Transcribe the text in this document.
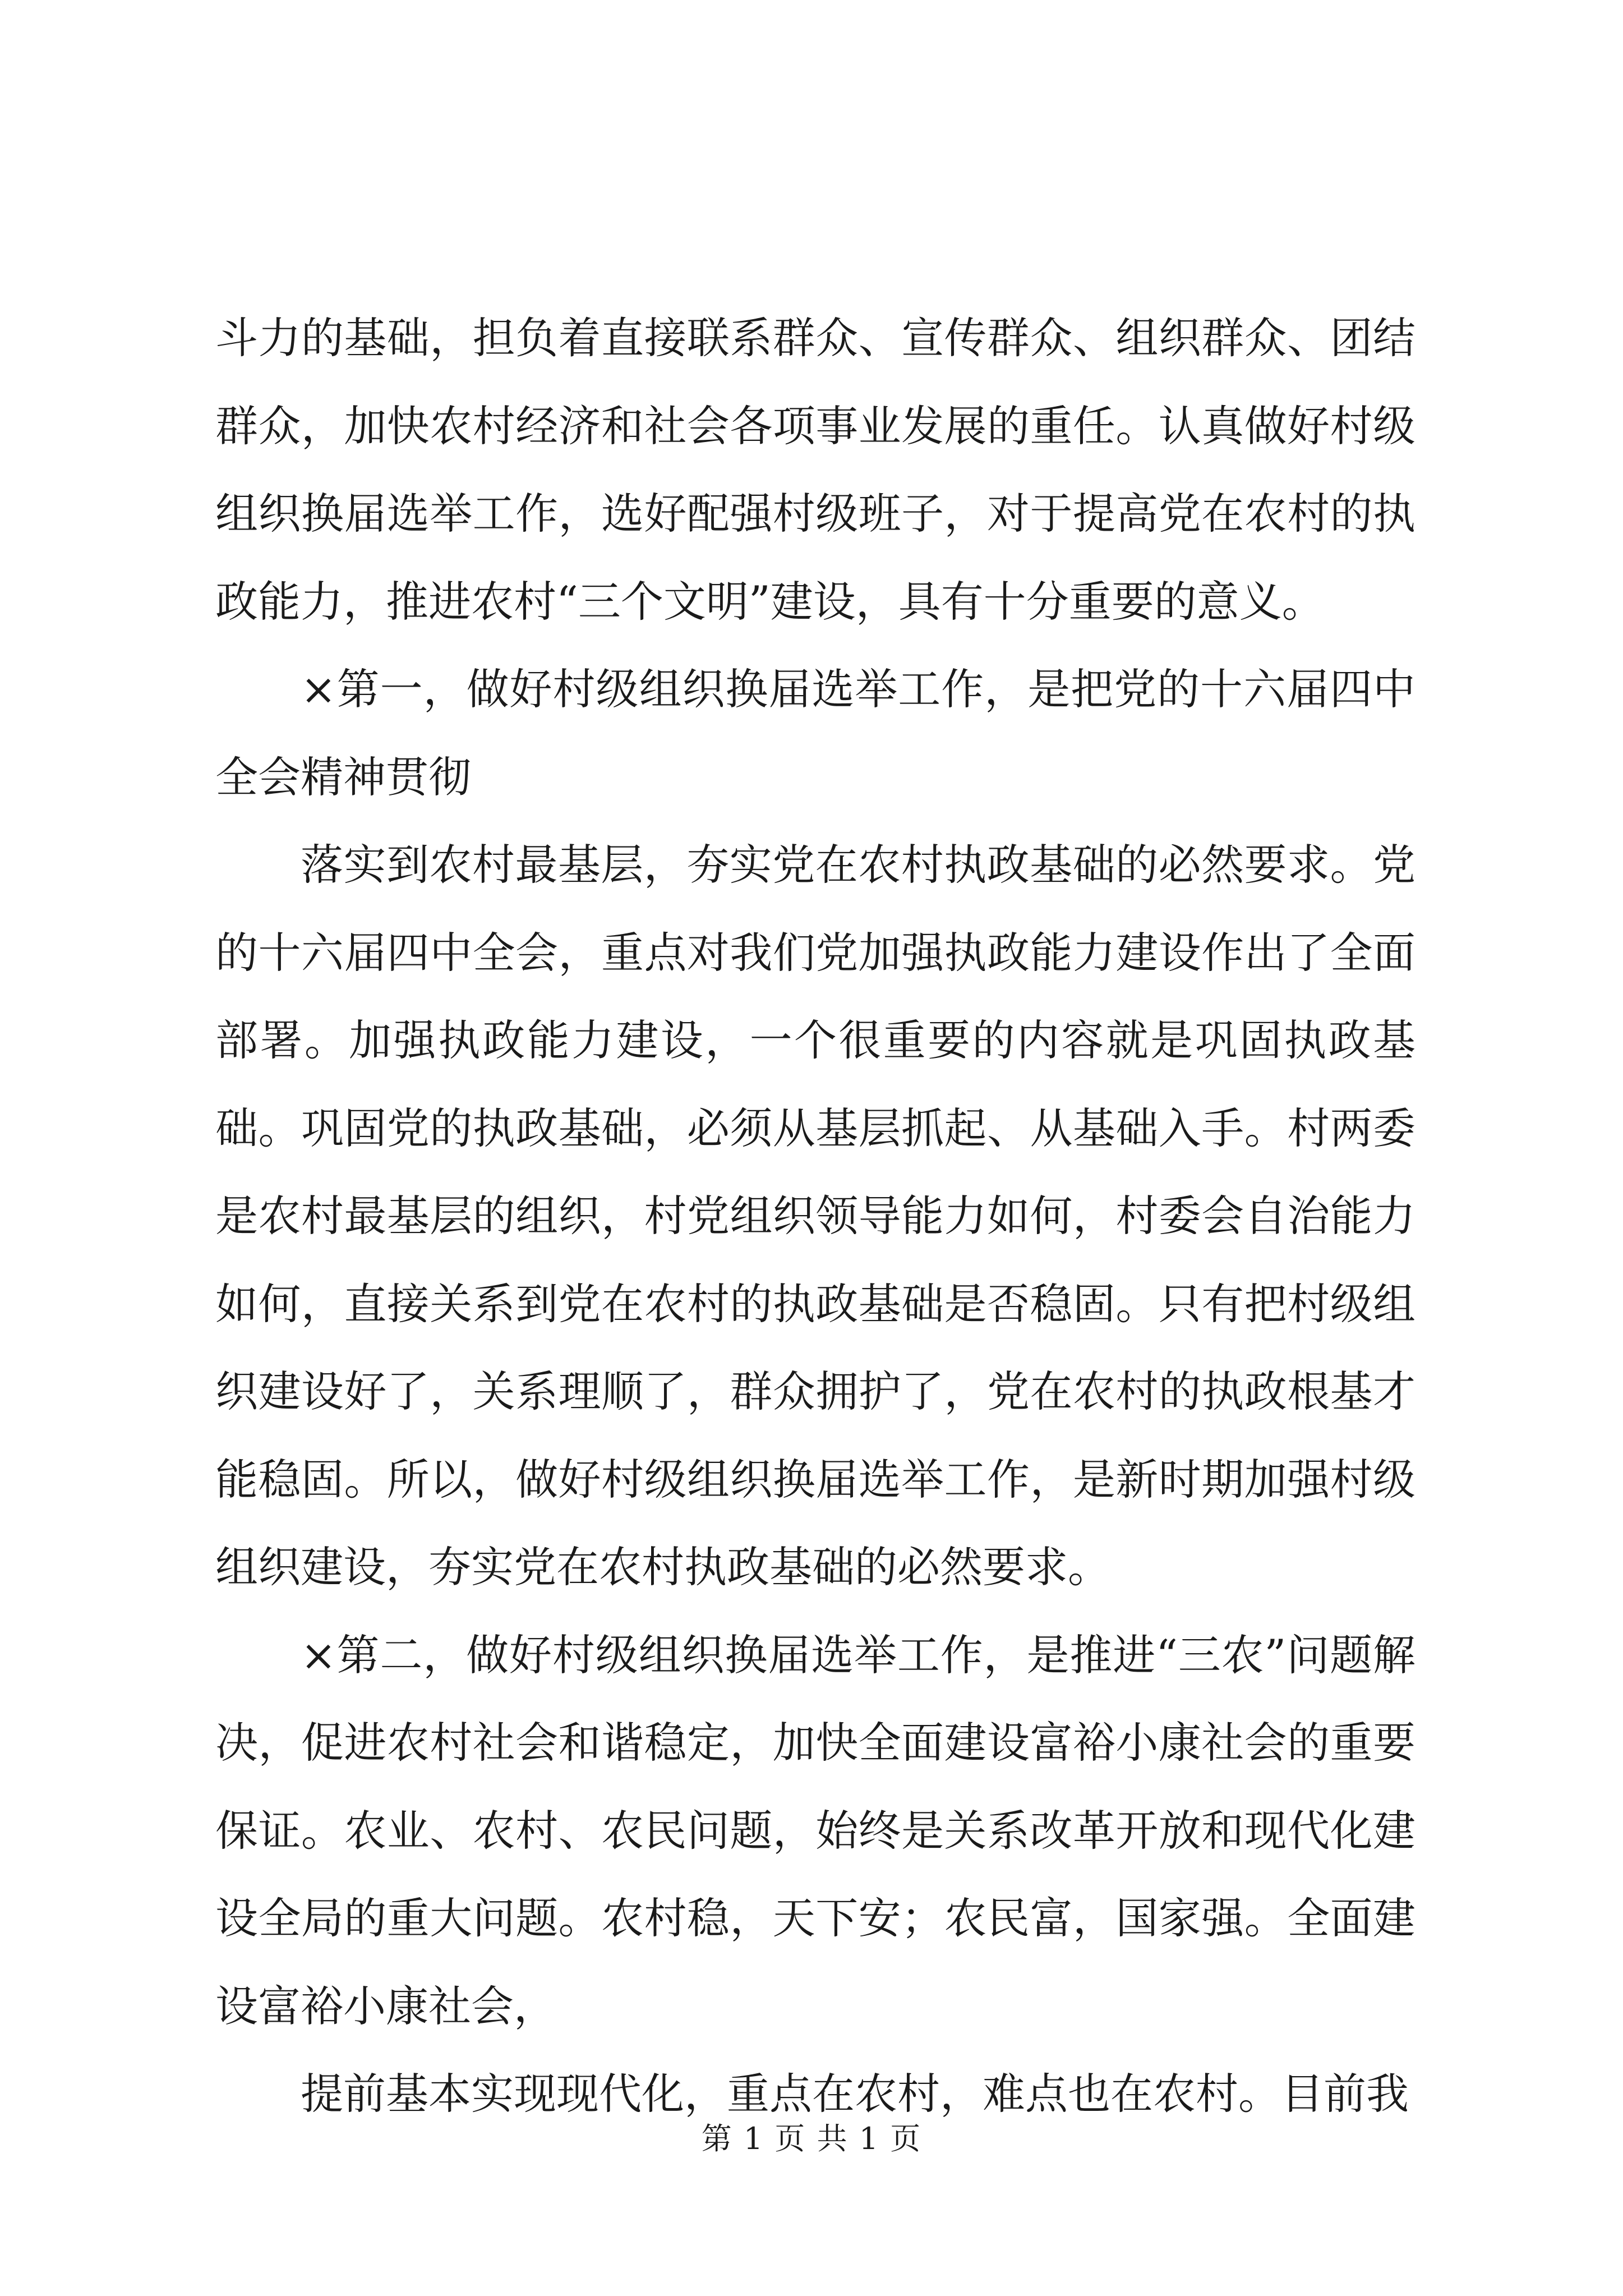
斗力的基础，担负着直接联系群众、宣传群众、组织群众、团结群众，加快农村经济和社会各项事业发展的重任。认真做好村级组织换届选举工作，选好配强村级班子，对于提高党在农村的执政能力，推进农村“三个文明”建设，具有十分重要的意义。

×第一，做好村级组织换届选举工作，是把党的十六届四中全会精神贯彻

落实到农村最基层，夯实党在农村执政基础的必然要求。党的十六届四中全会，重点对我们党加强执政能力建设作出了全面部署。加强执政能力建设，一个很重要的内容就是巩固执政基础。巩固党的执政基础，必须从基层抓起、从基础入手。村两委是农村最基层的组织，村党组织领导能力如何，村委会自治能力如何，直接关系到党在农村的执政基础是否稳固。只有把村级组织建设好了，关系理顺了，群众拥护了，党在农村的执政根基才能稳固。所以，做好村级组织换届选举工作，是新时期加强村级组织建设，夯实党在农村执政基础的必然要求。

×第二，做好村级组织换届选举工作，是推进“三农”问题解决，促进农村社会和谐稳定，加快全面建设富裕小康社会的重要保证。农业、农村、农民问题，始终是关系改革开放和现代化建设全局的重大问题。农村稳，天下安；农民富，国家强。全面建设富裕小康社会，

提前基本实现现代化，重点在农村，难点也在农村。目前我

第 1 页 共 1 页
